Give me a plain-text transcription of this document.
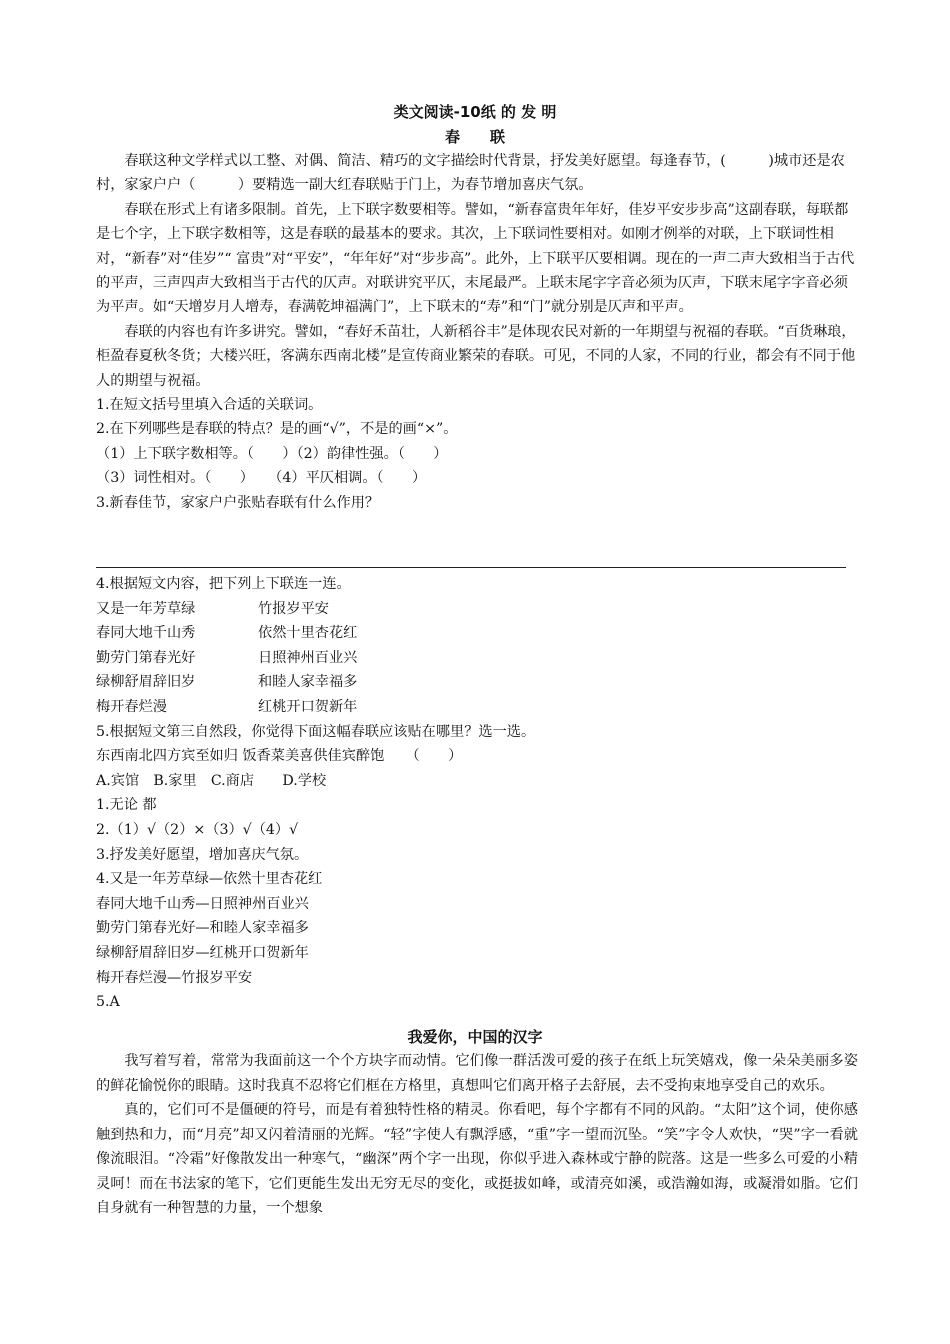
类文阅读-10纸 的 发 明
春　　联

春联这种文学样式以工整、对偶、简洁、精巧的文字描绘时代背景，抒发美好愿望。每逢春节，(　　　)城市还是农村，家家户户（　　　）要精选一副大红春联贴于门上，为春节增加喜庆气氛。

春联在形式上有诸多限制。首先，上下联字数要相等。譬如，“新春富贵年年好，佳岁平安步步高”这副春联，每联都是七个字，上下联字数相等，这是春联的最基本的要求。其次，上下联词性要相对。如刚才例举的对联，上下联词性相对，“新春”对“佳岁”“ 富贵”对“平安”，“年年好”对“步步高”。此外，上下联平仄要相调。现在的一声二声大致相当于古代的平声，三声四声大致相当于古代的仄声。对联讲究平仄，末尾最严。上联末尾字字音必须为仄声，下联末尾字字音必须为平声。如“天增岁月人增寿，春满乾坤福满门”，上下联末的“寿”和“门”就分别是仄声和平声。

春联的内容也有许多讲究。譬如，“春好禾苗壮，人新稻谷丰”是体现农民对新的一年期望与祝福的春联。“百货琳琅，柜盈春夏秋冬货；大楼兴旺，客满东西南北楼”是宣传商业繁荣的春联。可见，不同的人家，不同的行业，都会有不同于他人的期望与祝福。

1.在短文括号里填入合适的关联词。

2.在下列哪些是春联的特点？是的画“√”，不是的画“×”。

（1）上下联字数相等。（　　）（2）韵律性强。（　　）

（3）词性相对。（　　）　　（4）平仄相调。（　　）

3.新春佳节，家家户户张贴春联有什么作用？

4.根据短文内容，把下列上下联连一连。

又是一年芳草绿	竹报岁平安
春同大地千山秀	依然十里杏花红
勤劳门第春光好	日照神州百业兴
绿柳舒眉辞旧岁	和睦人家幸福多
梅开春烂漫	红桃开口贺新年

5.根据短文第三自然段，你觉得下面这幅春联应该贴在哪里？选一选。

东西南北四方宾至如归 饭香菜美喜供佳宾醉饱　　（　　）

A.宾馆　B.家里　C.商店　　D.学校

1.无论 都

2.（1）√（2）×（3）√（4）√

3.抒发美好愿望，增加喜庆气氛。

4.又是一年芳草绿—依然十里杏花红

春同大地千山秀—日照神州百业兴

勤劳门第春光好—和睦人家幸福多

绿柳舒眉辞旧岁—红桃开口贺新年

梅开春烂漫—竹报岁平安

5.A

我爱你，中国的汉字

我写着写着，常常为我面前这一个个方块字而动情。它们像一群活泼可爱的孩子在纸上玩笑嬉戏，像一朵朵美丽多姿的鲜花愉悦你的眼睛。这时我真不忍将它们框在方格里，真想叫它们离开格子去舒展，去不受拘束地享受自己的欢乐。

真的，它们可不是僵硬的符号，而是有着独特性格的精灵。你看吧，每个字都有不同的风韵。“太阳”这个词，使你感触到热和力，而“月亮”却又闪着清丽的光辉。“轻”字使人有飘浮感，“重”字一望而沉坠。“笑”字令人欢快，“哭”字一看就像流眼泪。“冷霜”好像散发出一种寒气，“幽深”两个字一出现，你似乎进入森林或宁静的院落。这是一些多么可爱的小精灵呵！而在书法家的笔下，它们更能生发出无穷无尽的变化，或挺拔如峰，或清亮如溪，或浩瀚如海，或凝滑如脂。它们自身就有一种智慧的力量，一个想象
